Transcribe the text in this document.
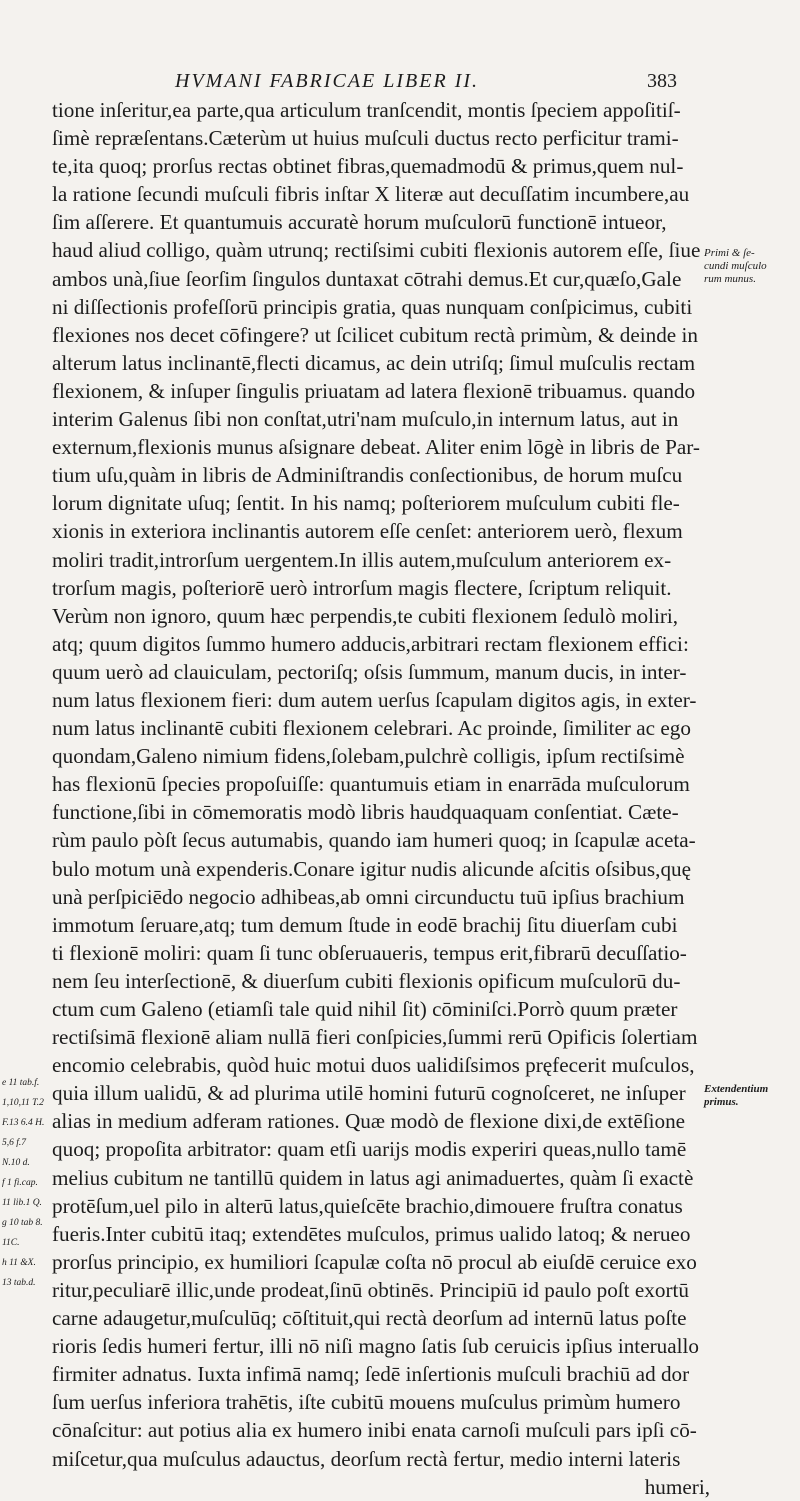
HVMANI FABRICAE LIBER II.	383
tione inſeritur,ea parte,qua articulum tranſcendit, montis ſpeciem appoſitiſ-
ſimè repræſentans.Cæterùm ut huius muſculi ductus recto perficitur trami-
te,ita quoq; prorſus rectas obtinet fibras,quemadmodū & primus,quem nul-
la ratione ſecundi muſculi fibris inſtar X literæ aut decuſſatim incumbere,au
ſim aſſerere. Et quantumuis accuratè horum muſculorū functionē intueor,
haud aliud colligo, quàm utrunq; rectiſsimi cubiti flexionis autorem eſſe, ſiue
ambos unà,ſiue ſeorſim ſingulos duntaxat cōtrahi demus.Et cur,quæſo,Gale
ni diſſectionis profeſſorū principis gratia, quas nunquam conſpicimus, cubiti
flexiones nos decet cōfingere? ut ſcilicet cubitum rectà primùm, & deinde in
alterum latus inclinantē,flecti dicamus, ac dein utriſq; ſimul muſculis rectam
flexionem, & inſuper ſingulis priuatam ad latera flexionē tribuamus. quando
interim Galenus ſibi non conſtat,utri'nam muſculo,in internum latus, aut in
externum,flexionis munus aſsignare debeat. Aliter enim lōgè in libris de Par-
tium uſu,quàm in libris de Adminiſtrandis conſectionibus, de horum muſcu
lorum dignitate uſuq; ſentit. In his namq; poſteriorem muſculum cubiti fle-
xionis in exteriora inclinantis autorem eſſe cenſet: anteriorem uerò, flexum
moliri tradit,introrſum uergentem.In illis autem,muſculum anteriorem ex-
trorſum magis, poſteriorē uerò introrſum magis flectere, ſcriptum reliquit.
Verùm non ignoro, quum hæc perpendis,te cubiti flexionem ſedulò moliri,
atq; quum digitos ſummo humero adducis,arbitrari rectam flexionem effici:
quum uerò ad clauiculam, pectoriſq; oſsis ſummum, manum ducis, in inter-
num latus flexionem fieri: dum autem uerſus ſcapulam digitos agis, in exter-
num latus inclinantē cubiti flexionem celebrari. Ac proinde, ſimiliter ac ego
quondam,Galeno nimium fidens,ſolebam,pulchrè colligis, ipſum rectiſsimè
has flexionū ſpecies propoſuiſſe: quantumuis etiam in enarrāda muſculorum
functione,ſibi in cōmemoratis modò libris haudquaquam conſentiat. Cæte-
rùm paulo pòſt ſecus autumabis, quando iam humeri quoq; in ſcapulæ aceta-
bulo motum unà expenderis.Conare igitur nudis alicunde aſcitis oſsibus,quę
unà perſpiciēdo negocio adhibeas,ab omni circunductu tuū ipſius brachium
immotum ſeruare,atq; tum demum ſtude in eodē brachij ſitu diuerſam cubi
ti flexionē moliri: quam ſi tunc obſeruaueris, tempus erit,fibrarū decuſſatio-
nem ſeu interſectionē, & diuerſum cubiti flexionis opificum muſculorū du-
ctum cum Galeno (etiamſi tale quid nihil ſit) cōminiſci.Porrò quum præter
rectiſsimā flexionē aliam nullā fieri conſpicies,ſummi rerū Opificis ſolertiam
encomio celebrabis, quòd huic motui duos ualidiſsimos pręfecerit muſculos,
quia illum ualidū, & ad plurima utilē homini futurū cognoſceret, ne inſuper
alias in medium adferam rationes. Quæ modò de flexione dixi,de extēſione
quoq; propoſita arbitrator: quam etſi uarijs modis experiri queas,nullo tamē
melius cubitum ne tantillū quidem in latus agi animaduertes, quàm ſi exactè
protēſum,uel pilo in alterū latus,quieſcēte brachio,dimouere fruſtra conatus
fueris.Inter cubitū itaq; extendētes muſculos, primus ualido latoq; & nerueo
prorſus principio, ex humiliori ſcapulæ coſta nō procul ab eiuſdē ceruice exo
ritur,peculiarē illic,unde prodeat,ſinū obtinēs. Principiū id paulo poſt exortū
carne adaugetur,muſculūq; cōſtituit,qui rectà deorſum ad internū latus poſte
rioris ſedis humeri fertur, illi nō niſi magno ſatis ſub ceruicis ipſius interuallo
firmiter adnatus. Iuxta infimā namq; ſedē inſertionis muſculi brachiū ad dor
ſum uerſus inferiora trahētis, iſte cubitū mouens muſculus primùm humero
cōnaſcitur: aut potius alia ex humero inibi enata carnoſi muſculi pars ipſi cō-
miſcetur,qua muſculus adauctus, deorſum rectà fertur, medio interni lateris
humeri,
Primi & ſe-
cundi muſculo
rum munus.
Extendentium
primus.
e 11 tab.f.
1,10,11 T.2
F.13 6.4 H.
5,6 f.7
N.10 d.
f 1 fi.cap.
11 lib.1 Q.
g 10 tab 8.
11C.
h 11 &X.
13 tab.d.
